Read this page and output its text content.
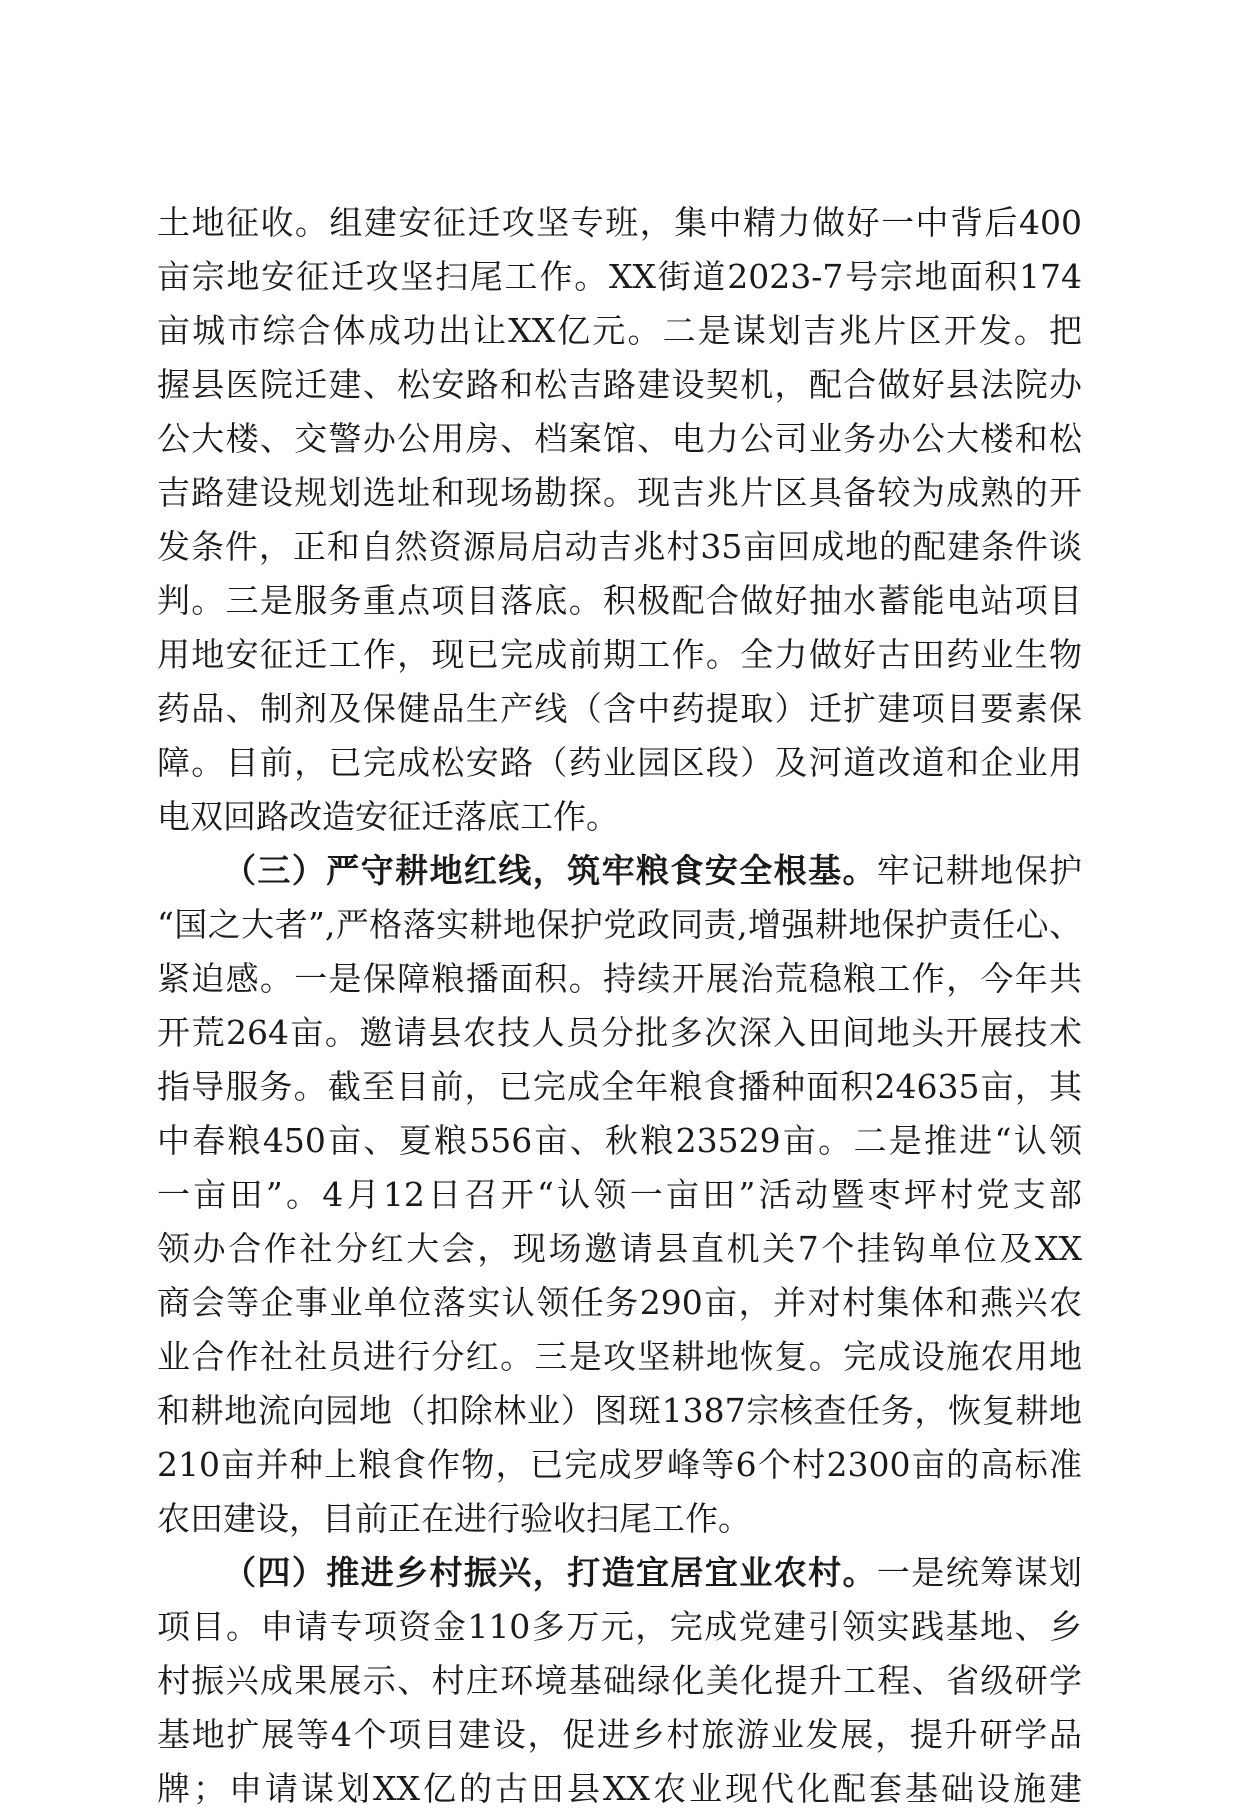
土地征收。组建安征迁攻坚专班，集中精力做好一中背后400
亩宗地安征迁攻坚扫尾工作。XX街道2023-7号宗地面积174
亩城市综合体成功出让XX亿元。二是谋划吉兆片区开发。把
握县医院迁建、松安路和松吉路建设契机，配合做好县法院办
公大楼、交警办公用房、档案馆、电力公司业务办公大楼和松
吉路建设规划选址和现场勘探。现吉兆片区具备较为成熟的开
发条件，正和自然资源局启动吉兆村35亩回成地的配建条件谈
判。三是服务重点项目落底。积极配合做好抽水蓄能电站项目
用地安征迁工作，现已完成前期工作。全力做好古田药业生物
药品、制剂及保健品生产线（含中药提取）迁扩建项目要素保
障。目前，已完成松安路（药业园区段）及河道改道和企业用
电双回路改造安征迁落底工作。
（三）严守耕地红线，筑牢粮食安全根基。牢记耕地保护
“国之大者”,严格落实耕地保护党政同责,增强耕地保护责任心、
紧迫感。一是保障粮播面积。持续开展治荒稳粮工作，今年共
开荒264亩。邀请县农技人员分批多次深入田间地头开展技术
指导服务。截至目前，已完成全年粮食播种面积24635亩，其
中春粮450亩、夏粮556亩、秋粮23529亩。二是推进“认领
一亩田”。4月12日召开“认领一亩田”活动暨枣坪村党支部
领办合作社分红大会，现场邀请县直机关7个挂钩单位及XX
商会等企事业单位落实认领任务290亩，并对村集体和燕兴农
业合作社社员进行分红。三是攻坚耕地恢复。完成设施农用地
和耕地流向园地（扣除林业）图斑1387宗核查任务，恢复耕地
210亩并种上粮食作物，已完成罗峰等6个村2300亩的高标准
农田建设，目前正在进行验收扫尾工作。
（四）推进乡村振兴，打造宜居宜业农村。一是统筹谋划
项目。申请专项资金110多万元，完成党建引领实践基地、乡
村振兴成果展示、村庄环境基础绿化美化提升工程、省级研学
基地扩展等4个项目建设，促进乡村旅游业发展，提升研学品
牌；申请谋划XX亿的古田县XX农业现代化配套基础设施建
